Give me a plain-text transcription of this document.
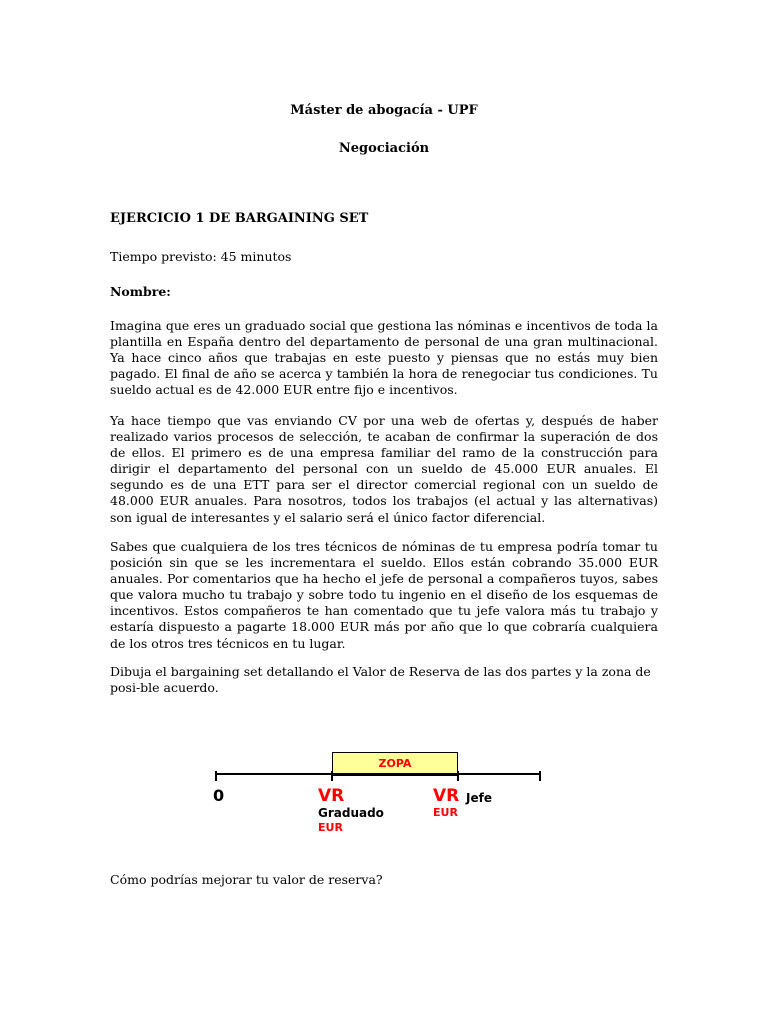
Máster de abogacía - UPF
Negociación
EJERCICIO 1 DE BARGAINING SET
Tiempo previsto: 45 minutos
Nombre:
Imagina que eres un graduado social que gestiona las nóminas e incentivos de toda la plantilla en España dentro del departamento de personal de una gran multinacional. Ya hace cinco años que trabajas en este puesto y piensas que no estás muy bien pagado. El final de año se acerca y también la hora de renegociar tus condiciones. Tu sueldo actual es de 42.000 EUR entre fijo e incentivos.
Ya hace tiempo que vas enviando CV por una web de ofertas y, después de haber realizado varios procesos de selección, te acaban de confirmar la superación de dos de ellos. El primero es de una empresa familiar del ramo de la construcción para dirigir el departamento del personal con un sueldo de 45.000 EUR anuales. El segundo es de una ETT para ser el director comercial regional con un sueldo de 48.000 EUR anuales. Para nosotros, todos los trabajos (el actual y las alternativas) son igual de interesantes y el salario será el único factor diferencial.
Sabes que cualquiera de los tres técnicos de nóminas de tu empresa podría tomar tu posición sin que se les incrementara el sueldo. Ellos están cobrando 35.000 EUR anuales. Por comentarios que ha hecho el jefe de personal a compañeros tuyos, sabes que valora mucho tu trabajo y sobre todo tu ingenio en el diseño de los esquemas de incentivos. Estos compañeros te han comentado que tu jefe valora más tu trabajo y estaría dispuesto a pagarte 18.000 EUR más por año que lo que cobraría cualquiera de los otros tres técnicos en tu lugar.
Dibuja el bargaining set detallando el Valor de Reserva de las dos partes y la zona de posi-ble acuerdo.
ZOPA
0	VR
Graduado
EUR
VR Jefe
EUR
Cómo podrías mejorar tu valor de reserva?
